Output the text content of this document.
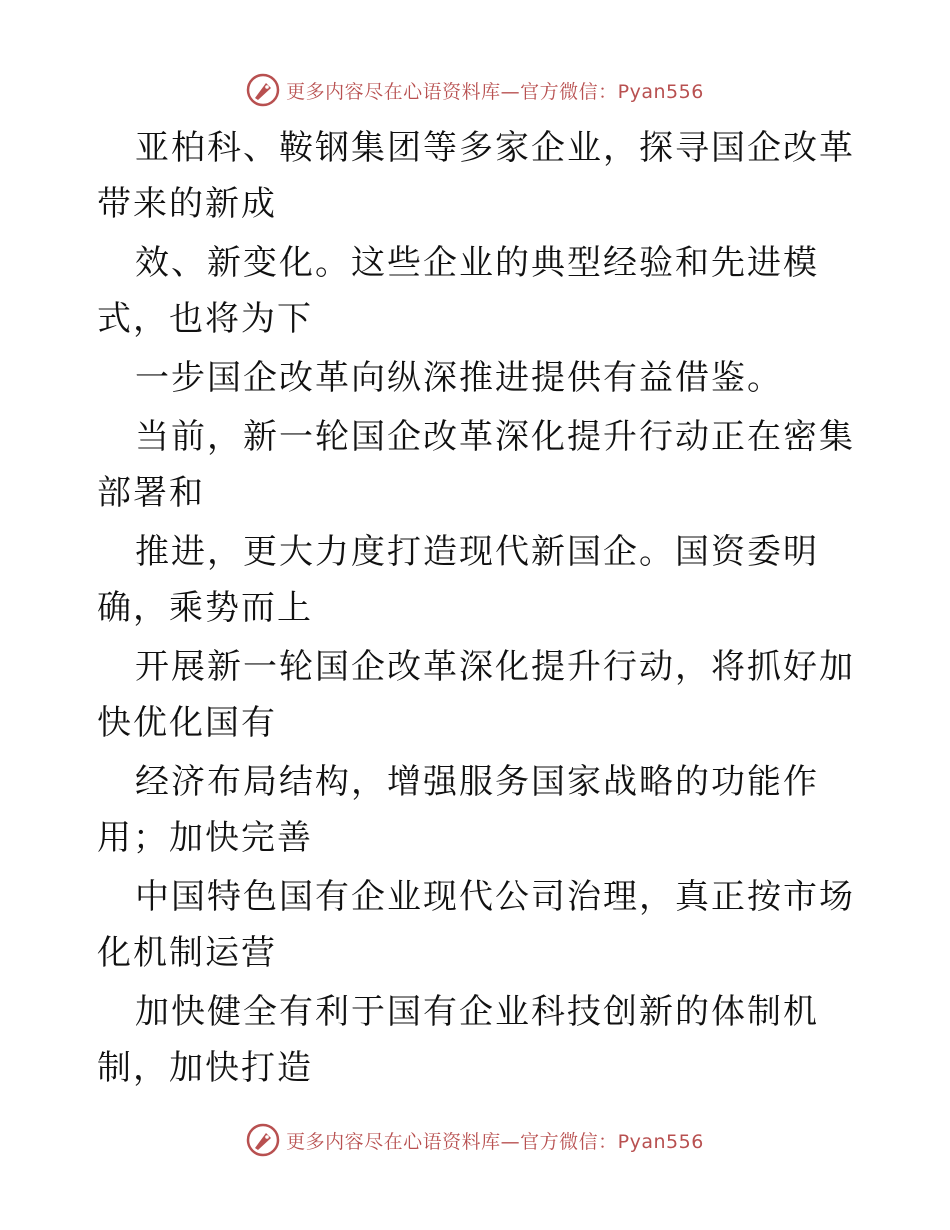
更多内容尽在心语资料库—官方微信：Pyan556

亚柏科、鞍钢集团等多家企业，探寻国企改革带来的新成

效、新变化。这些企业的典型经验和先进模式，也将为下

一步国企改革向纵深推进提供有益借鉴。

当前，新一轮国企改革深化提升行动正在密集部署和

推进，更大力度打造现代新国企。国资委明确，乘势而上

开展新一轮国企改革深化提升行动，将抓好加快优化国有

经济布局结构，增强服务国家战略的功能作用；加快完善

中国特色国有企业现代公司治理，真正按市场化机制运营

加快健全有利于国有企业科技创新的体制机制，加快打造

更多内容尽在心语资料库—官方微信：Pyan556
